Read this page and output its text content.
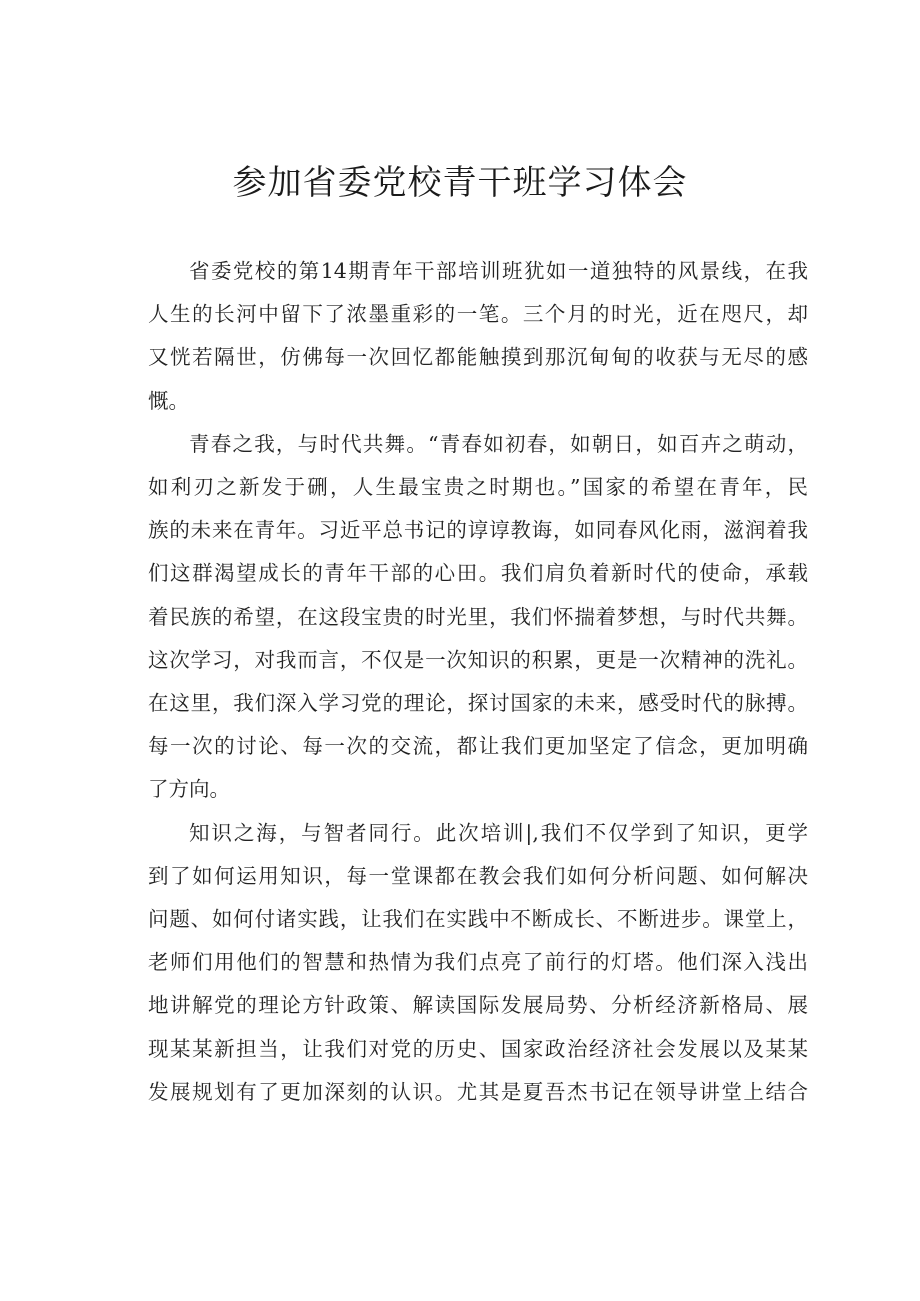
参加省委党校青干班学习体会
省委党校的第14期青年干部培训班犹如一道独特的风景线，在我
人生的长河中留下了浓墨重彩的一笔。三个月的时光，近在咫尺，却
又恍若隔世，仿佛每一次回忆都能触摸到那沉甸甸的收获与无尽的感
慨。
青春之我，与时代共舞。“青春如初春，如朝日，如百卉之萌动，
如利刃之新发于硎，人生最宝贵之时期也。”国家的希望在青年，民
族的未来在青年。习近平总书记的谆谆教诲，如同春风化雨，滋润着我
们这群渴望成长的青年干部的心田。我们肩负着新时代的使命，承载
着民族的希望，在这段宝贵的时光里，我们怀揣着梦想，与时代共舞。
这次学习，对我而言，不仅是一次知识的积累，更是一次精神的洗礼。
在这里，我们深入学习党的理论，探讨国家的未来，感受时代的脉搏。
每一次的讨论、每一次的交流，都让我们更加坚定了信念，更加明确
了方向。
知识之海，与智者同行。此次培训|,我们不仅学到了知识，更学
到了如何运用知识，每一堂课都在教会我们如何分析问题、如何解决
问题、如何付诸实践，让我们在实践中不断成长、不断进步。课堂上，
老师们用他们的智慧和热情为我们点亮了前行的灯塔。他们深入浅出
地讲解党的理论方针政策、解读国际发展局势、分析经济新格局、展
现某某新担当，让我们对党的历史、国家政治经济社会发展以及某某
发展规划有了更加深刻的认识。尤其是夏吾杰书记在领导讲堂上结合
